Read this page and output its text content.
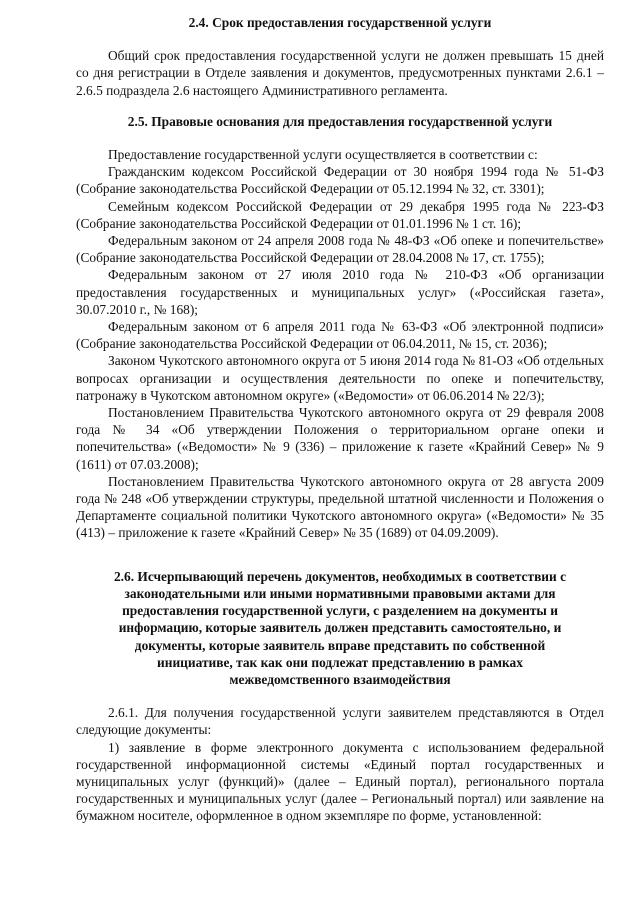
2.4. Срок предоставления государственной услуги

Общий срок предоставления государственной услуги не должен превышать 15 дней со дня регистрации в Отделе заявления и документов, предусмотренных пунктами 2.6.1 – 2.6.5 подраздела 2.6 настоящего Административного регламента.

2.5. Правовые основания для предоставления государственной услуги

Предоставление государственной услуги осуществляется в соответствии с:

Гражданским кодексом Российской Федерации от 30 ноября 1994 года № 51-ФЗ (Собрание законодательства Российской Федерации от 05.12.1994 № 32, ст. 3301);

Семейным кодексом Российской Федерации от 29 декабря 1995 года № 223-ФЗ (Собрание законодательства Российской Федерации от 01.01.1996 № 1 ст. 16);

Федеральным законом от 24 апреля 2008 года № 48-ФЗ «Об опеке и попечительстве» (Собрание законодательства Российской Федерации от 28.04.2008 № 17, ст. 1755);

Федеральным законом от 27 июля 2010 года № 210-ФЗ «Об организации предоставления государственных и муниципальных услуг» («Российская газета», 30.07.2010 г., № 168);

Федеральным законом от 6 апреля 2011 года № 63-ФЗ «Об электронной подписи» (Собрание законодательства Российской Федерации от 06.04.2011, № 15, ст. 2036);

Законом Чукотского автономного округа от 5 июня 2014 года № 81-ОЗ «Об отдельных вопросах организации и осуществления деятельности по опеке и попечительству, патронажу в Чукотском автономном округе» («Ведомости» от 06.06.2014 № 22/3);

Постановлением Правительства Чукотского автономного округа от 29 февраля 2008 года № 34 «Об утверждении Положения о территориальном органе опеки и попечительства» («Ведомости» № 9 (336) – приложение к газете «Крайний Север» № 9 (1611) от 07.03.2008);

Постановлением Правительства Чукотского автономного округа от 28 августа 2009 года № 248 «Об утверждении структуры, предельной штатной численности и Положения о Департаменте социальной политики Чукотского автономного округа» («Ведомости» № 35 (413) – приложение к газете «Крайний Север» № 35 (1689) от 04.09.2009).

2.6. Исчерпывающий перечень документов, необходимых в соответствии с законодательными или иными нормативными правовыми актами для предоставления государственной услуги, с разделением на документы и информацию, которые заявитель должен представить самостоятельно, и документы, которые заявитель вправе представить по собственной инициативе, так как они подлежат представлению в рамках межведомственного взаимодействия

2.6.1. Для получения государственной услуги заявителем представляются в Отдел следующие документы:

1) заявление в форме электронного документа с использованием федеральной государственной информационной системы «Единый портал государственных и муниципальных услуг (функций)» (далее – Единый портал), регионального портала государственных и муниципальных услуг (далее – Региональный портал) или заявление на бумажном носителе, оформленное в одном экземпляре по форме, установленной:
